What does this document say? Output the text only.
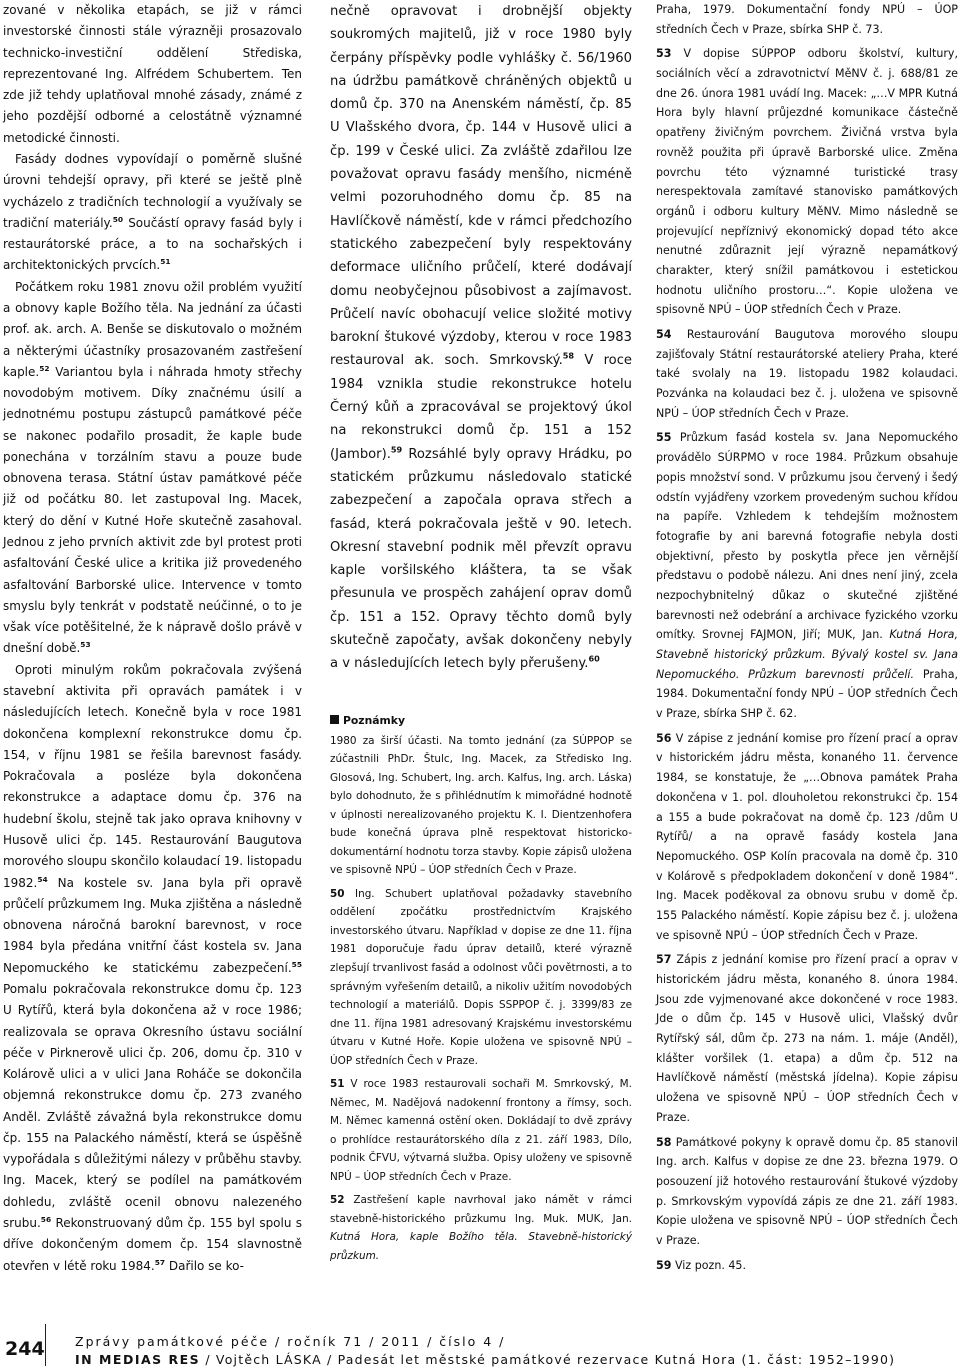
zované v několika etapách, se již v rámci investorské činnosti stále výrazněji prosazovalo technicko-investiční oddělení Střediska, reprezentované Ing. Alfrédem Schubertem. Ten zde již tehdy uplatňoval mnohé zásady, známé z jeho pozdější odborné a celostátně významné metodické činnosti.

Fasády dodnes vypovídají o poměrně slušné úrovni tehdejší opravy, při které se ještě plně vycházelo z tradičních technologií a využívaly se tradiční materiály.$^{50}$ Součástí opravy fasád byly i restaurátorské práce, a to na sochařských i architektonických prvcích.$^{51}$

Počátkem roku 1981 znovu ožil problém využití a obnovy kaple Božího těla. Na jednání za účasti prof. ak. arch. A. Benše se diskutovalo o možném a některými účastníky prosazovaném zastřešení kaple.$^{52}$ Variantou byla i náhrada hmoty střechy novodobým motivem. Díky značnému úsilí a jednotnému postupu zástupců památkové péče se nakonec podařilo prosadit, že kaple bude ponechána v torzálním stavu a pouze bude obnovena terasa. Státní ústav památkové péče již od počátku 80. let zastupoval Ing. Macek, který do dění v Kutné Hoře skutečně zasahoval. Jednou z jeho prvních aktivit zde byl protest proti asfaltování České ulice a kritika již provedeného asfaltování Barborské ulice. Intervence v tomto smyslu byly tenkrát v podstatě neúčinné, o to je však více potěšitelné, že k nápravě došlo právě v dnešní době.$^{53}$

Oproti minulým rokům pokračovala zvýšená stavební aktivita při opravách památek i v následujících letech. Konečně byla v roce 1981 dokončena komplexní rekonstrukce domu čp. 154, v říjnu 1981 se řešila barevnost fasády. Pokračovala a posléze byla dokončena rekonstrukce a adaptace domu čp. 376 na hudební školu, stejně tak jako oprava knihovny v Husově ulici čp. 145. Restaurování Baugutova morového sloupu skončilo kolaudací 19. listopadu 1982.54 Na kostele sv. Jana byla při opravě průčelí průzkumem Ing. Muka zjištěna a následně obnovena náročná barokní barevnost, v roce 1984 byla předána vnitřní část kostela sv. Jana Nepomuckého ke statickému zabezpečení.$^{55}$ Pomalu pokračovala rekonstrukce domu čp. 123 U Rytířů, která byla dokončena až v roce 1986; realizovala se oprava Okresního ústavu sociální péče v Pirknerově ulici čp. 206, domu čp. 310 v Kolárově ulici a v ulici Jana Roháče se dokončila objemná rekonstrukce domu čp. 273 zvaného Anděl. Zvláště závažná byla rekonstrukce domu čp. 155 na Palackého náměstí, která se úspěšně vypořádala s důležitými nálezy v průběhu stavby. Ing. Macek, který se podílel na památkovém dohledu, zvláště ocenil obnovu nalezeného srubu.$^{56}$ Rekonstruovaný dům čp. 155 byl spolu s dříve dokončeným domem čp. 154 slavnostně otevřen v létě roku 1984.57 Dařilo se ko-

nečně opravovat i drobnější objekty soukromých majitelů, již v roce 1980 byly čerpány příspěvky podle vyhlášky č. 56/1960 na údržbu památkově chráněných objektů u domů čp. 370 na Anenském náměstí, čp. 85 U Vlašského dvora, čp. 144 v Husově ulici a čp. 199 v České ulici. Za zvláště zdařilou lze považovat opravu fasády menšího, nicméně velmi pozoruhodného domu čp. 85 na Havlíčkově náměstí, kde v rámci předchozího statického zabezpečení byly respektovány deformace uličního průčelí, které dodávají domu neobyčejnou působivost a zajímavost. Průčelí navíc obohacují velice složité motivy barokní štukové výzdoby, kterou v roce 1983 restauroval ak. soch. Smrkovský.$^{58}$ V roce 1984 vznikla studie rekonstrukce hotelu Černý kůň a zpracovával se projektový úkol na rekonstrukci domů čp. 151 a 152 (Jambor).$^{59}$ Rozsáhlé byly opravy Hrádku, po statickém průzkumu následovalo statické zabezpečení a započala oprava střech a fasád, která pokračovala ještě v 90. letech. Okresní stavební podnik měl převzít opravu kaple voršilského kláštera, ta se však přesunula ve prospěch zahájení oprav domů čp. 151 a 152. Opravy těchto domů byly skutečně započaty, avšak dokončeny nebyly a v následujících letech byly přerušeny.$^{60}$

Poznámky

1980 za širší účasti. Na tomto jednání (za SÚPPOP se zúčastnili PhDr. Štulc, Ing. Macek, za Středisko Ing. Glosová, Ing. Schubert, Ing. arch. Kalfus, Ing. arch. Láska) bylo dohodnuto, že s přihlédnutím k mimořádné hodnotě v úplnosti nerealizovaného projektu K. I. Dientzenhofera bude konečná úprava plně respektovat historicko-dokumentární hodnotu torza stavby. Kopie zápisů uložena ve spisovně NPÚ – ÚOP středních Čech v Praze.

50 Ing. Schubert uplatňoval požadavky stavebního oddělení zpočátku prostřednictvím Krajského investorského útvaru. Například v dopise ze dne 11. října 1981 doporučuje řadu úprav detailů, které výrazně zlepšují trvanlivost fasád a odolnost vůči povětrnosti, a to správným vyřešením detailů, a nikoliv užitím novodobých technologií a materiálů. Dopis SSPPOP č. j. 3399/83 ze dne 11. října 1981 adresovaný Krajskému investorskému útvaru v Kutné Hoře. Kopie uložena ve spisovně NPÚ – ÚOP středních Čech v Praze.

51 V roce 1983 restaurovali sochaři M. Smrkovský, M. Němec, M. Nadějová nadokenní frontony a římsy, soch. M. Němec kamenná ostění oken. Dokládají to dvě zprávy o prohlídce restaurátorského díla z 21. září 1983, Dílo, podnik ČFVU, výtvarná služba. Opisy uloženy ve spisovně NPÚ – ÚOP středních Čech v Praze.

52 Zastřešení kaple navrhoval jako námět v rámci stavebně-historického průzkumu Ing. Muk. MUK, Jan. Kutná Hora, kaple Božího těla. Stavebně-historický průzkum.

Praha, 1979. Dokumentační fondy NPÚ – ÚOP středních Čech v Praze, sbírka SHP č. 73.

53 V dopise SÚPPOP odboru školství, kultury, sociálních věcí a zdravotnictví MěNV č. j. 688/81 ze dne 26. února 1981 uvádí Ing. Macek: „…V MPR Kutná Hora byly hlavní průjezdné komunikace částečně opatřeny živičným povrchem. Živičná vrstva byla rovněž použita při úpravě Barborské ulice. Změna povrchu této významné turistické trasy nerespektovala zamítavé stanovisko památkových orgánů i odboru kultury MěNV. Mimo následně se projevující nepříznivý ekonomický dopad této akce nenutné zdůraznit její výrazně nepamátkový charakter, který snížil památkovou i estetickou hodnotu uličního prostoru…“. Kopie uložena ve spisovně NPÚ – ÚOP středních Čech v Praze.

54 Restaurování Baugutova morového sloupu zajišťovaly Státní restaurátorské ateliery Praha, které také svolaly na 19. listopadu 1982 kolaudaci. Pozvánka na kolaudaci bez č. j. uložena ve spisovně NPÚ – ÚOP středních Čech v Praze.

55 Průzkum fasád kostela sv. Jana Nepomuckého provádělo SÚRPMO v roce 1984. Průzkum obsahuje popis množství sond. V průzkumu jsou červený i šedý odstín vyjádřeny vzorkem provedeným suchou křídou na papíře. Vzhledem k tehdejším možnostem fotografie by ani barevná fotografie nebyla dosti objektivní, přesto by poskytla přece jen věrnější představu o podobě nálezu. Ani dnes není jiný, zcela nezpochybnitelný důkaz o skutečné zjištěné barevnosti než odebrání a archivace fyzického vzorku omítky. Srovnej FAJMON, Jiří; MUK, Jan. Kutná Hora, Stavebně historický průzkum. Bývalý kostel sv. Jana Nepomuckého. Průzkum barevnosti průčelí. Praha, 1984. Dokumentační fondy NPÚ – ÚOP středních Čech v Praze, sbírka SHP č. 62.

56 V zápise z jednání komise pro řízení prací a oprav v historickém jádru města, konaného 11. července 1984, se konstatuje, že „…Obnova památek Praha dokončena v 1. pol. dlouholetou rekonstrukci čp. 154 a 155 a bude pokračovat na domě čp. 123 /dům U Rytířů/ a na opravě fasády kostela Jana Nepomuckého. OSP Kolín pracovala na domě čp. 310 v Kolárově s předpokladem dokončení v doně 1984“. Ing. Macek poděkoval za obnovu srubu v domě čp. 155 Palackého náměstí. Kopie zápisu bez č. j. uložena ve spisovně NPÚ – ÚOP středních Čech v Praze.

57 Zápis z jednání komise pro řízení prací a oprav v historickém jádru města, konaného 8. února 1984. Jsou zde vyjmenované akce dokončené v roce 1983. Jde o dům čp. 145 v Husově ulici, Vlašský dvůr Rytířský sál, dům čp. 273 na nám. 1. máje (Anděl), klášter voršilek (1. etapa) a dům čp. 512 na Havlíčkově náměstí (městská jídelna). Kopie zápisu uložena ve spisovně NPÚ – ÚOP středních Čech v Praze.

58 Památkové pokyny k opravě domu čp. 85 stanovil Ing. arch. Kalfus v dopise ze dne 23. března 1979. O posouzení již hotového restaurování štukové výzdoby p. Smrkovským vypovídá zápis ze dne 21. září 1983. Kopie uložena ve spisovně NPÚ – ÚOP středních Čech v Praze.

59 Viz pozn. 45.

244 Zprávy památkové péče / ročník 71 / 2011 / číslo 4 /
IN MEDIAS RES / Vojtěch LÁSKA / Padesát let městské památkové rezervace Kutná Hora (1. část: 1952–1990)
